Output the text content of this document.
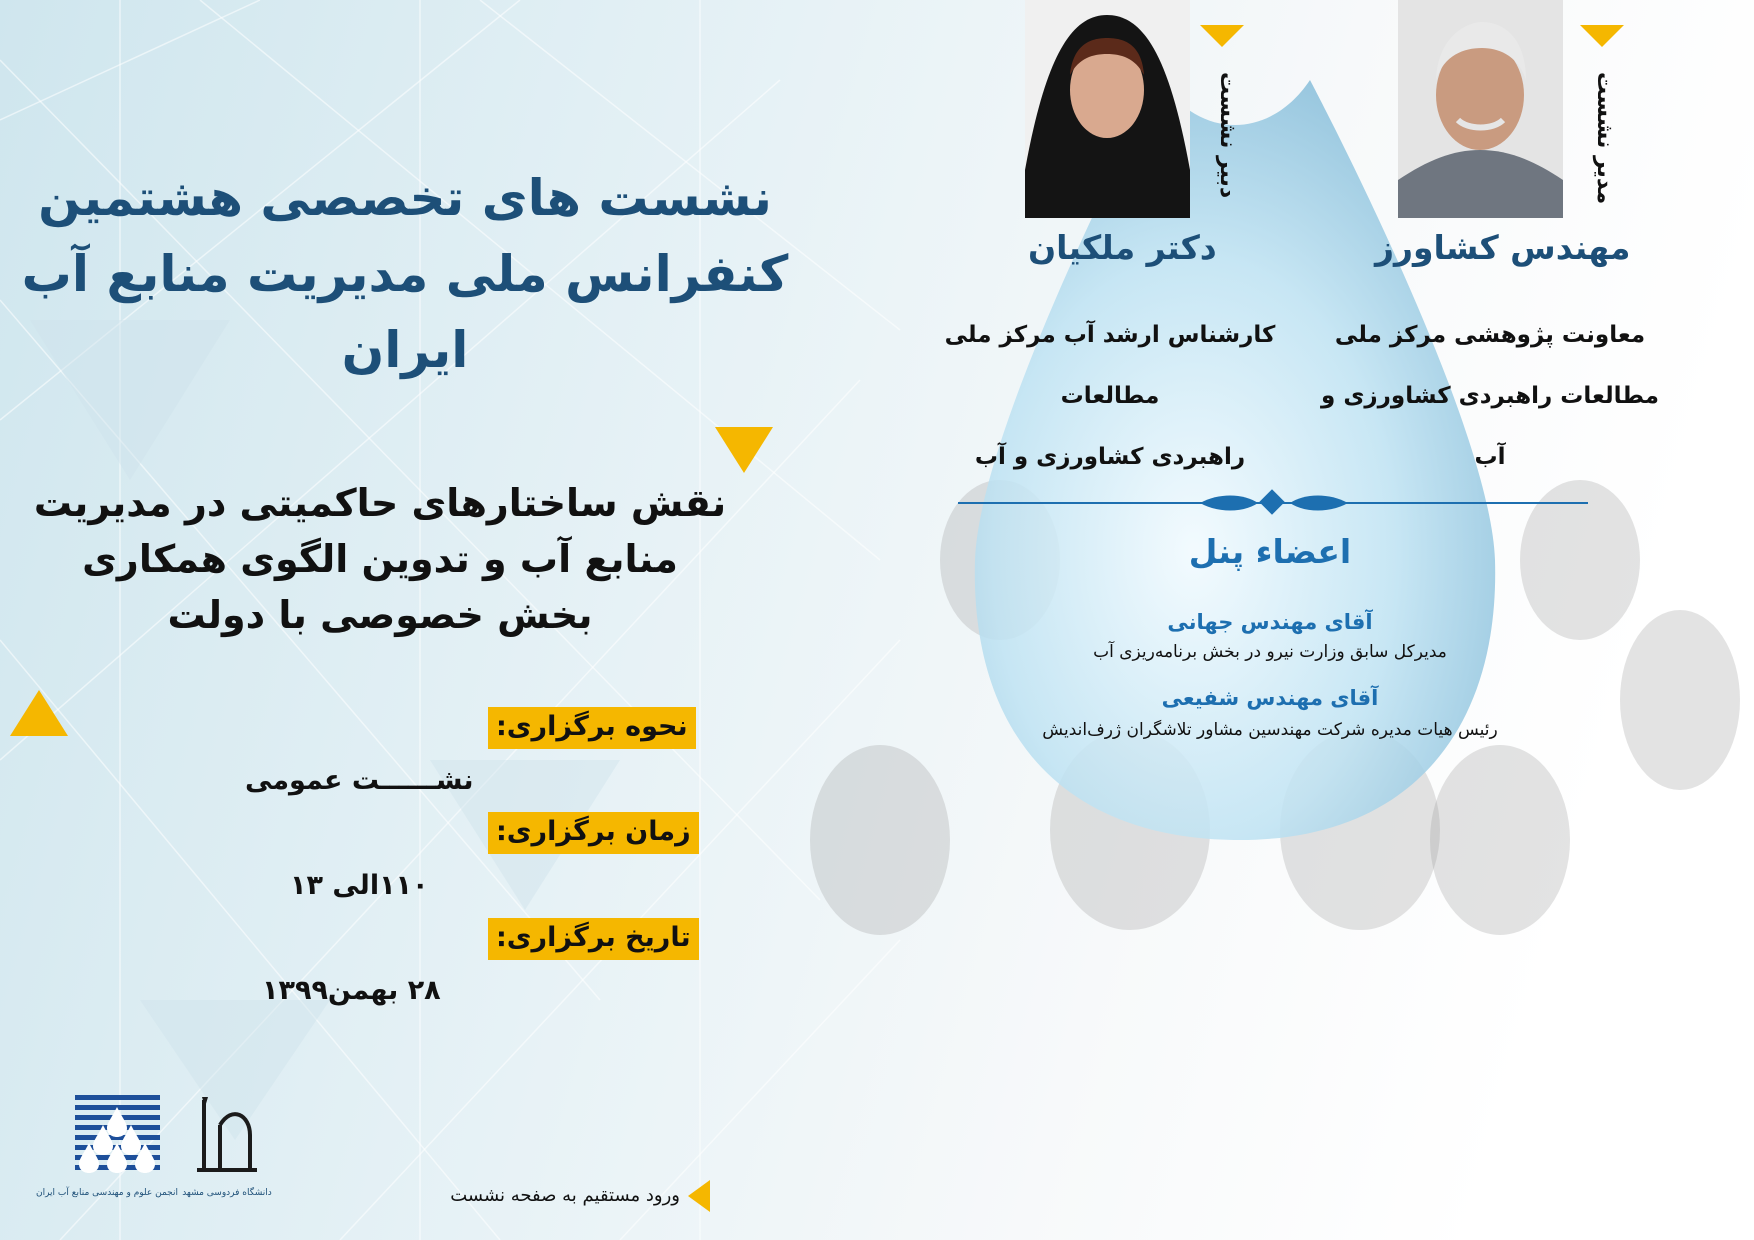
نشست های تخصصی هشتمین
کنفرانس ملی مدیریت منابع آب ایران
نقش ساختارهای حاکمیتی در مدیریت منابع آب و تدوین الگوی همکاری بخش خصوصی با دولت
نحوه برگزاری:
نشــــــت عمومی
زمان برگزاری:
۱۱۰الی ۱۳
تاریخ برگزاری:
۲۸ بهمن۱۳۹۹
مدیر نشست
مهندس کشاورز
معاونت پژوهشی مرکز ملی
مطالعات راهبردی کشاورزی و آب
دبیر نشست
دکتر ملکیان
کارشناس ارشد آب مرکز ملی مطالعات
راهبردی کشاورزی و آب
اعضاء پنل
آقای مهندس جهانی
مدیرکل سابق وزارت نیرو در بخش برنامه‌ریزی آب
آقای مهندس شفیعی
رئیس هیات مدیره شرکت مهندسین مشاور تلاشگران ژرف‌اندیش
ورود مستقیم به صفحه نشست
انجمن علوم و مهندسی منابع آب ایران دانشگاه فردوسی مشهد
